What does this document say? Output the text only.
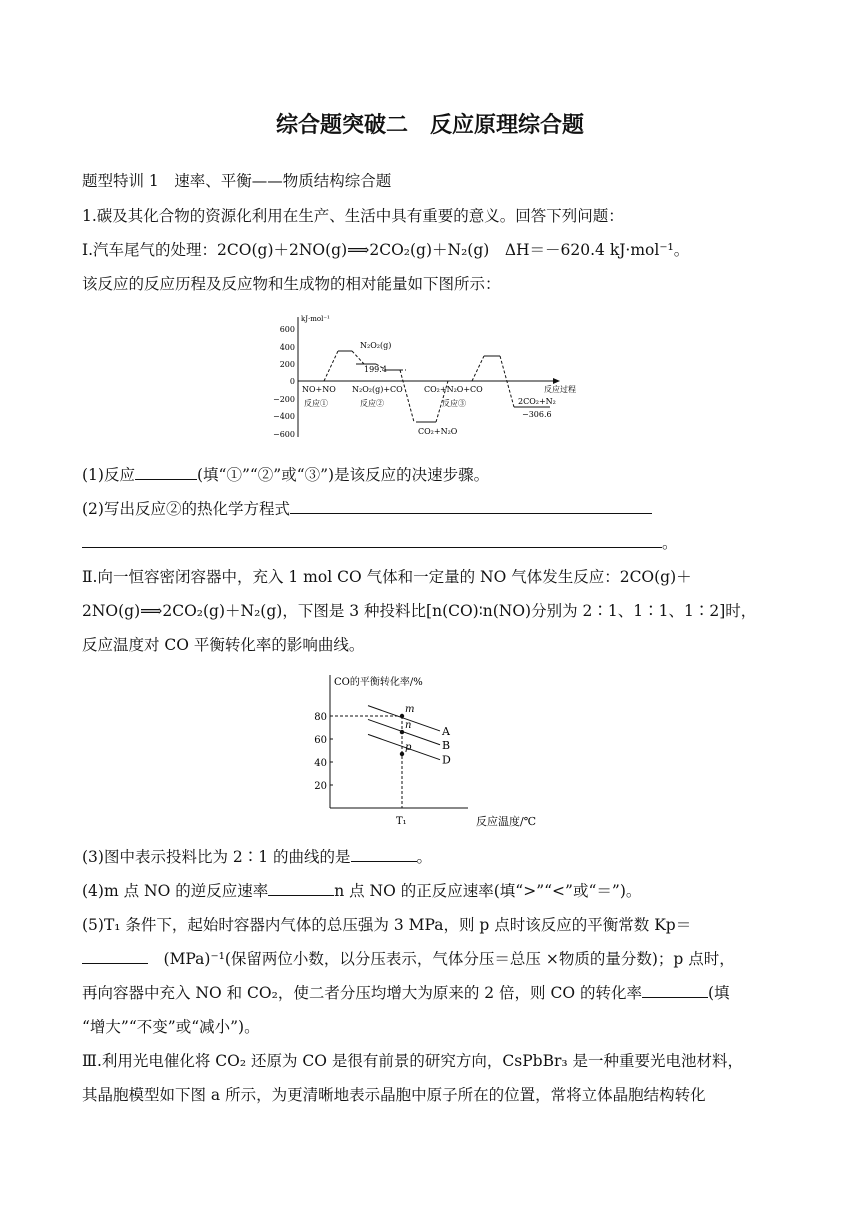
综合题突破二　反应原理综合题
题型特训 1　速率、平衡——物质结构综合题
1.碳及其化合物的资源化利用在生产、生活中具有重要的意义。回答下列问题：
Ⅰ.汽车尾气的处理：2CO(g)＋2NO(g)⟹2CO₂(g)＋N₂(g)　ΔH＝－620.4 kJ·mol⁻¹。
该反应的反应历程及反应物和生成物的相对能量如下图所示：
kJ·mol⁻¹
600
400
200
0
−200
−400
−600
N₂O₂(g)
199.4
NO+NO
反应①
N₂O₂(g)+CO
反应②
CO₂+N₂O+CO
反应③
CO₂+N₂O
2CO₂+N₂
−306.6
反应过程
(1)反应	(填“①”“②”或“③”)是该反应的决速步骤。
(2)写出反应②的热化学方程式
。
Ⅱ.向一恒容密闭容器中，充入 1 mol CO 气体和一定量的 NO 气体发生反应：2CO(g)＋
2NO(g)⟹2CO₂(g)＋N₂(g)，下图是 3 种投料比[n(CO)∶n(NO)分别为 2∶1、1∶1、1∶2]时，
反应温度对 CO 平衡转化率的影响曲线。
CO的平衡转化率/%
反应温度/℃
T₁
20
40
60
80
A
B
D
m
n
p
(3)图中表示投料比为 2∶1 的曲线的是	。
(4)m 点 NO 的逆反应速率	n 点 NO 的正反应速率(填“>”“<”或“＝”)。
(5)T₁ 条件下，起始时容器内气体的总压强为 3 MPa，则 p 点时该反应的平衡常数 Kp＝
　(MPa)⁻¹(保留两位小数，以分压表示，气体分压＝总压 ×物质的量分数)；p 点时，
再向容器中充入 NO 和 CO₂，使二者分压均增大为原来的 2 倍，则 CO 的转化率	(填
“增大”“不变”或“减小”)。
Ⅲ.利用光电催化将 CO₂ 还原为 CO 是很有前景的研究方向，CsPbBr₃ 是一种重要光电池材料，
其晶胞模型如下图 a 所示，为更清晰地表示晶胞中原子所在的位置，常将立体晶胞结构转化
